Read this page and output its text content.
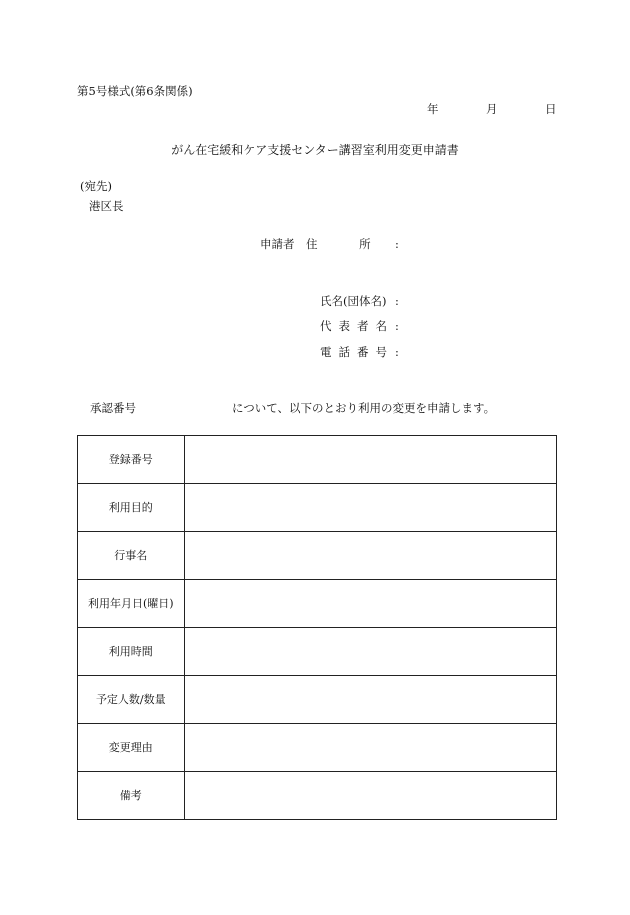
第5号様式(第6条関係)
年	月	日
がん在宅緩和ケア支援センター講習室利用変更申請書
(宛先)
港区長
申請者 住 所	:
氏名(団体名) :
代表者名 :
電話番号 :
承認番号	について、以下のとおり利用の変更を申請します。
登録番号	
利用目的	
行事名	
利用年月日(曜日)	
利用時間	
予定人数/数量	
変更理由	
備考	
